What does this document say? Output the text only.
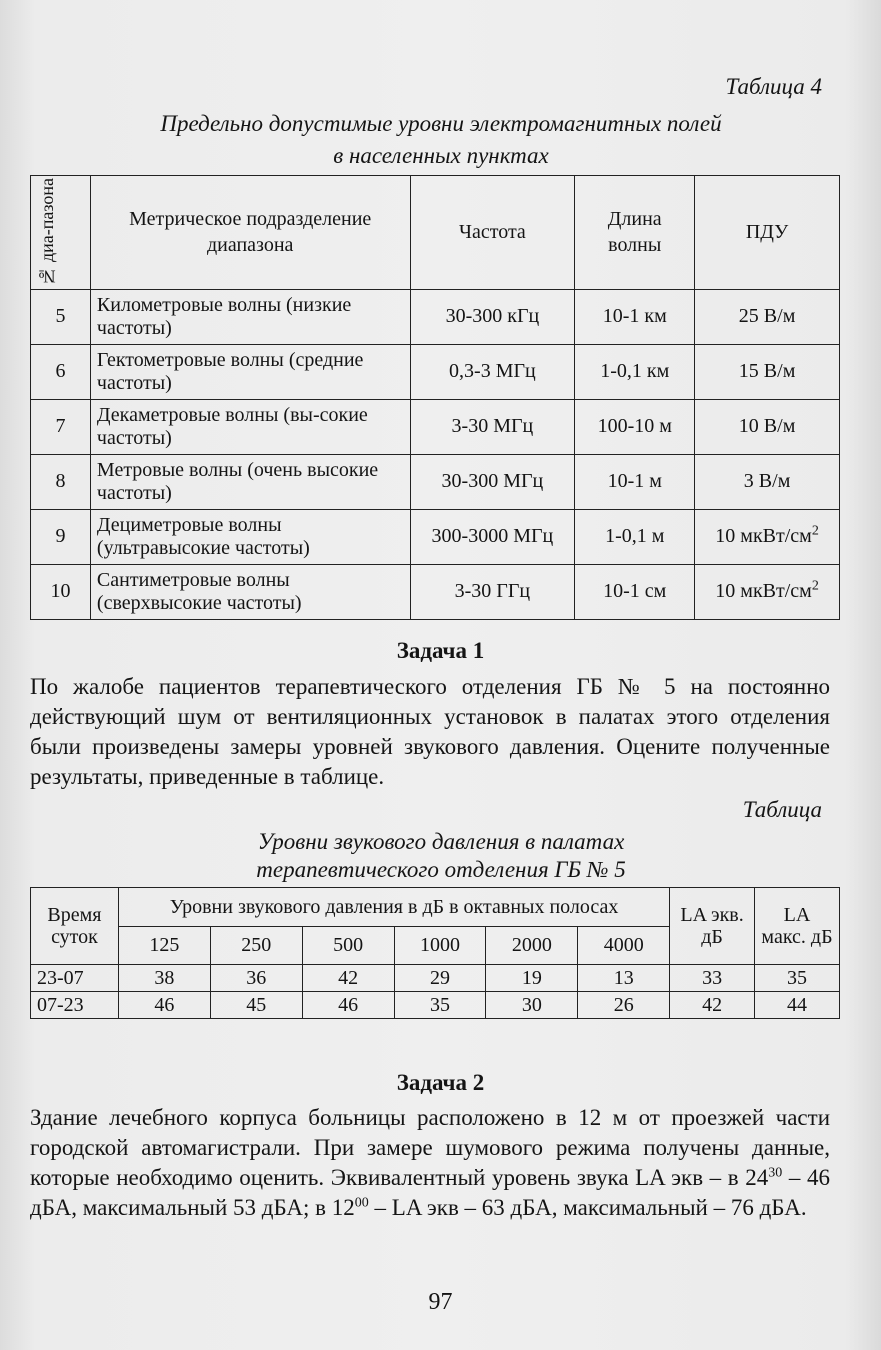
Таблица 4
Предельно допустимые уровни электромагнитных полей
в населенных пунктах
№ диа-пазона	Метрическое подразделение диапазона	Частота	Длина волны	ПДУ
5	Километровые волны (низкие частоты)	30-300 кГц	10-1 км	25 В/м
6	Гектометровые волны (средние частоты)	0,3-3 МГц	1-0,1 км	15 В/м
7	Декаметровые волны (вы-сокие частоты)	3-30 МГц	100-10 м	10 В/м
8	Метровые волны (очень высокие частоты)	30-300 МГц	10-1 м	3 В/м
9	Дециметровые волны (ультравысокие частоты)	300-3000 МГц	1-0,1 м	10 мкВт/$см^2$
10	Сантиметровые волны (сверхвысокие частоты)	3-30 ГГц	10-1 см	10 мкВт/$см^2$
Задача 1
По жалобе пациентов терапевтического отделения ГБ № 5 на постоянно действующий шум от вентиляционных установок в палатах этого отделения были произведены замеры уровней звукового давления. Оцените полученные результаты, приведенные в таблице.
Таблица
Уровни звукового давления в палатах
терапевтического отделения ГБ № 5
Время суток	Уровни звукового давления в дБ в октавных полосах						LA экв. дБ	LA макс. дБ
	125	250	500	1000	2000	4000		
23-07	38	36	42	29	19	13	33	35
07-23	46	45	46	35	30	26	42	44
Задача 2
Здание лечебного корпуса больницы расположено в 12 м от проезжей части городской автомагистрали. При замере шумового режима получены данные, которые необходимо оценить. Эквивалентный уровень звука LA экв – в $24^{30} - 46$ дБА, максимальный 53 дБА; в $12^{00}$ – LA экв – 63 дБА, максимальный – 76 дБА.
97
